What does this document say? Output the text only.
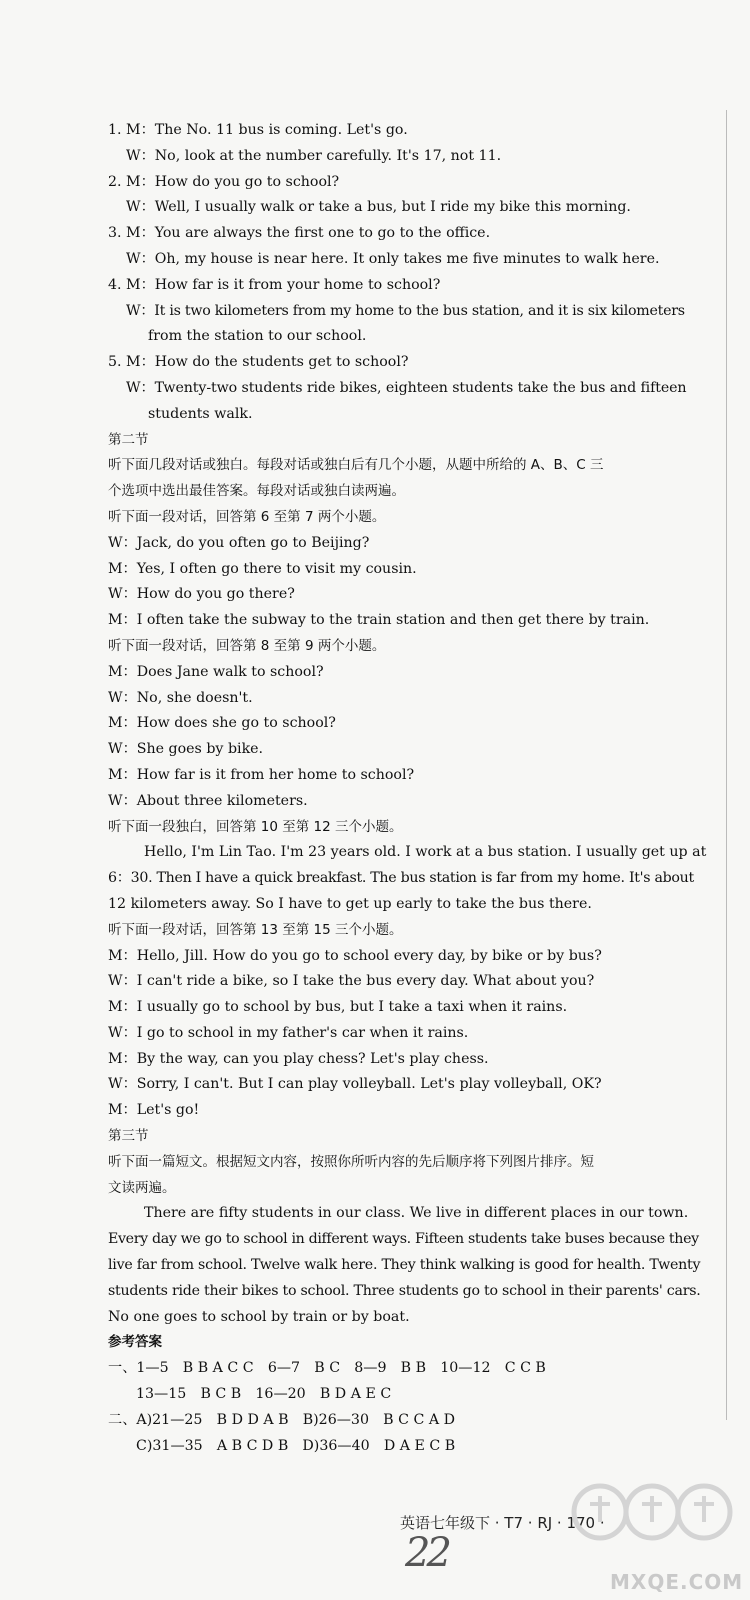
1. M：The No. 11 bus is coming. Let's go.
W：No, look at the number carefully. It's 17, not 11.
2. M：How do you go to school?
W：Well, I usually walk or take a bus, but I ride my bike this morning.
3. M：You are always the first one to go to the office.
W：Oh, my house is near here. It only takes me five minutes to walk here.
4. M：How far is it from your home to school?
W：It is two kilometers from my home to the bus station, and it is six kilometers
from the station to our school.
5. M：How do the students get to school?
W：Twenty-two students ride bikes, eighteen students take the bus and fifteen
students walk.
第二节
听下面几段对话或独白。每段对话或独白后有几个小题，从题中所给的 A、B、C 三
个选项中选出最佳答案。每段对话或独白读两遍。
听下面一段对话，回答第 6 至第 7 两个小题。
W：Jack, do you often go to Beijing?
M：Yes, I often go there to visit my cousin.
W：How do you go there?
M：I often take the subway to the train station and then get there by train.
听下面一段对话，回答第 8 至第 9 两个小题。
M：Does Jane walk to school?
W：No, she doesn't.
M：How does she go to school?
W：She goes by bike.
M：How far is it from her home to school?
W：About three kilometers.
听下面一段独白，回答第 10 至第 12 三个小题。
Hello, I'm Lin Tao. I'm 23 years old. I work at a bus station. I usually get up at
6：30. Then I have a quick breakfast. The bus station is far from my home. It's about
12 kilometers away. So I have to get up early to take the bus there.
听下面一段对话，回答第 13 至第 15 三个小题。
M：Hello, Jill. How do you go to school every day, by bike or by bus?
W：I can't ride a bike, so I take the bus every day. What about you?
M：I usually go to school by bus, but I take a taxi when it rains.
W：I go to school in my father's car when it rains.
M：By the way, can you play chess? Let's play chess.
W：Sorry, I can't. But I can play volleyball. Let's play volleyball, OK?
M：Let's go!
第三节
听下面一篇短文。根据短文内容，按照你所听内容的先后顺序将下列图片排序。短
文读两遍。
There are fifty students in our class. We live in different places in our town.
Every day we go to school in different ways. Fifteen students take buses because they
live far from school. Twelve walk here. They think walking is good for health. Twenty
students ride their bikes to school. Three students go to school in their parents' cars.
No one goes to school by train or by boat.
参考答案
一、1—5　B B A C C　6—7　B C　8—9　B B　10—12　C C B
13—15　B C B　16—20　B D A E C
二、A)21—25　B D D A B　B)26—30　B C C A D
C)31—35　A B C D B　D)36—40　D A E C B
英语七年级下 · T7 · RJ · 170 ·
22
MXQE.COM
